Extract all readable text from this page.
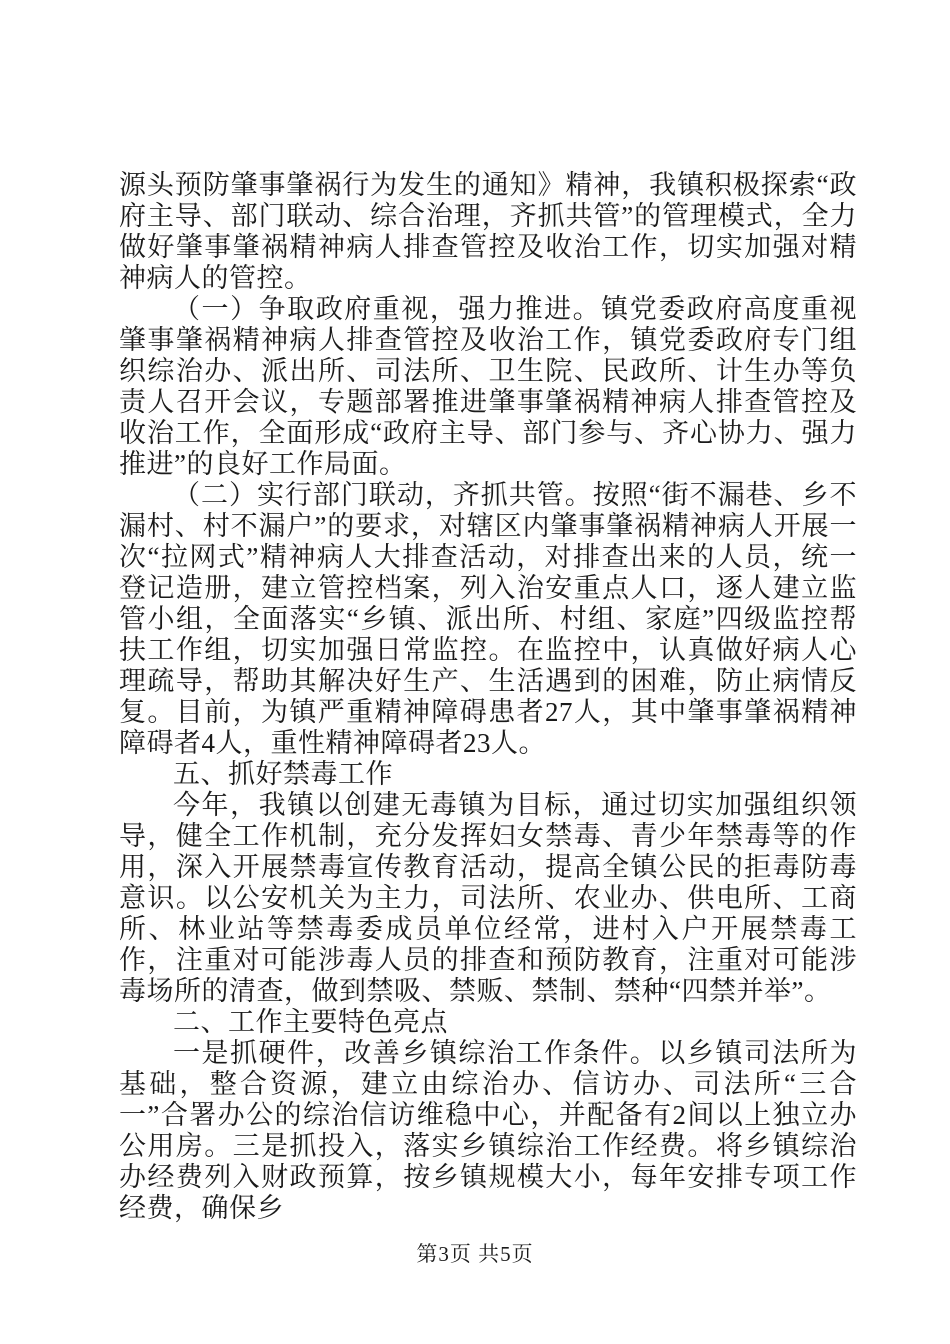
源头预防肇事肇祸行为发生的通知》精神，我镇积极探索“政府主导、部门联动、综合治理，齐抓共管”的管理模式，全力做好肇事肇祸精神病人排查管控及收治工作，切实加强对精神病人的管控。

（一）争取政府重视，强力推进。镇党委政府高度重视肇事肇祸精神病人排查管控及收治工作，镇党委政府专门组织综治办、派出所、司法所、卫生院、民政所、计生办等负责人召开会议，专题部署推进肇事肇祸精神病人排查管控及收治工作，全面形成“政府主导、部门参与、齐心协力、强力推进”的良好工作局面。

（二）实行部门联动，齐抓共管。按照“街不漏巷、乡不漏村、村不漏户”的要求，对辖区内肇事肇祸精神病人开展一次“拉网式”精神病人大排查活动，对排查出来的人员，统一登记造册，建立管控档案，列入治安重点人口，逐人建立监管小组，全面落实“乡镇、派出所、村组、家庭”四级监控帮扶工作组，切实加强日常监控。在监控中，认真做好病人心理疏导，帮助其解决好生产、生活遇到的困难，防止病情反复。目前，为镇严重精神障碍患者27人，其中肇事肇祸精神障碍者4人，重性精神障碍者23人。

五、抓好禁毒工作

今年，我镇以创建无毒镇为目标，通过切实加强组织领导，健全工作机制，充分发挥妇女禁毒、青少年禁毒等的作用，深入开展禁毒宣传教育活动，提高全镇公民的拒毒防毒意识。以公安机关为主力，司法所、农业办、供电所、工商所、林业站等禁毒委成员单位经常，进村入户开展禁毒工作，注重对可能涉毒人员的排查和预防教育，注重对可能涉毒场所的清查，做到禁吸、禁贩、禁制、禁种“四禁并举”。

二、工作主要特色亮点

一是抓硬件，改善乡镇综治工作条件。以乡镇司法所为基础，整合资源，建立由综治办、信访办、司法所“三合一”合署办公的综治信访维稳中心，并配备有2间以上独立办公用房。三是抓投入，落实乡镇综治工作经费。将乡镇综治办经费列入财政预算，按乡镇规模大小，每年安排专项工作经费，确保乡

第3页 共5页
